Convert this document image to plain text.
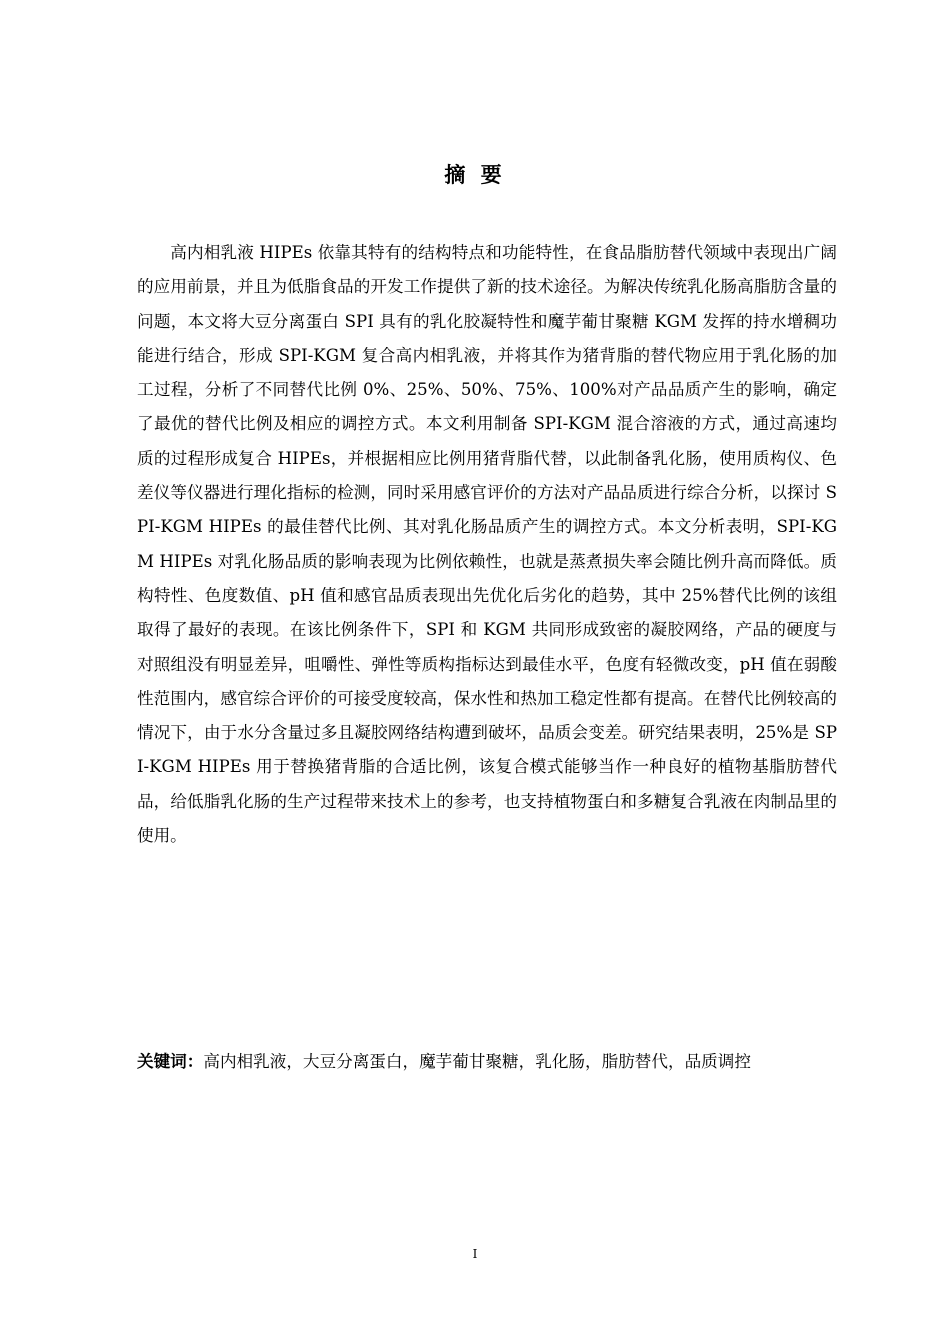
摘 要

高内相乳液 HIPEs 依靠其特有的结构特点和功能特性，在食品脂肪替代领域中表现出广阔的应用前景，并且为低脂食品的开发工作提供了新的技术途径。为解决传统乳化肠高脂肪含量的问题，本文将大豆分离蛋白 SPI 具有的乳化胶凝特性和魔芋葡甘聚糖 KGM 发挥的持水增稠功能进行结合，形成 SPI-KGM 复合高内相乳液，并将其作为猪背脂的替代物应用于乳化肠的加工过程，分析了不同替代比例 0%、25%、50%、75%、100%对产品品质产生的影响，确定了最优的替代比例及相应的调控方式。本文利用制备 SPI-KGM 混合溶液的方式，通过高速均质的过程形成复合 HIPEs，并根据相应比例用猪背脂代替，以此制备乳化肠，使用质构仪、色差仪等仪器进行理化指标的检测，同时采用感官评价的方法对产品品质进行综合分析，以探讨 SPI-KGM HIPEs 的最佳替代比例、其对乳化肠品质产生的调控方式。本文分析表明，SPI-KGM HIPEs 对乳化肠品质的影响表现为比例依赖性，也就是蒸煮损失率会随比例升高而降低。质构特性、色度数值、pH 值和感官品质表现出先优化后劣化的趋势，其中 25%替代比例的该组取得了最好的表现。在该比例条件下，SPI 和 KGM 共同形成致密的凝胶网络，产品的硬度与对照组没有明显差异，咀嚼性、弹性等质构指标达到最佳水平，色度有轻微改变，pH 值在弱酸性范围内，感官综合评价的可接受度较高，保水性和热加工稳定性都有提高。在替代比例较高的情况下，由于水分含量过多且凝胶网络结构遭到破坏，品质会变差。研究结果表明，25%是 SPI-KGM HIPEs 用于替换猪背脂的合适比例，该复合模式能够当作一种良好的植物基脂肪替代品，给低脂乳化肠的生产过程带来技术上的参考，也支持植物蛋白和多糖复合乳液在肉制品里的使用。

关键词：高内相乳液，大豆分离蛋白，魔芋葡甘聚糖，乳化肠，脂肪替代，品质调控

I
